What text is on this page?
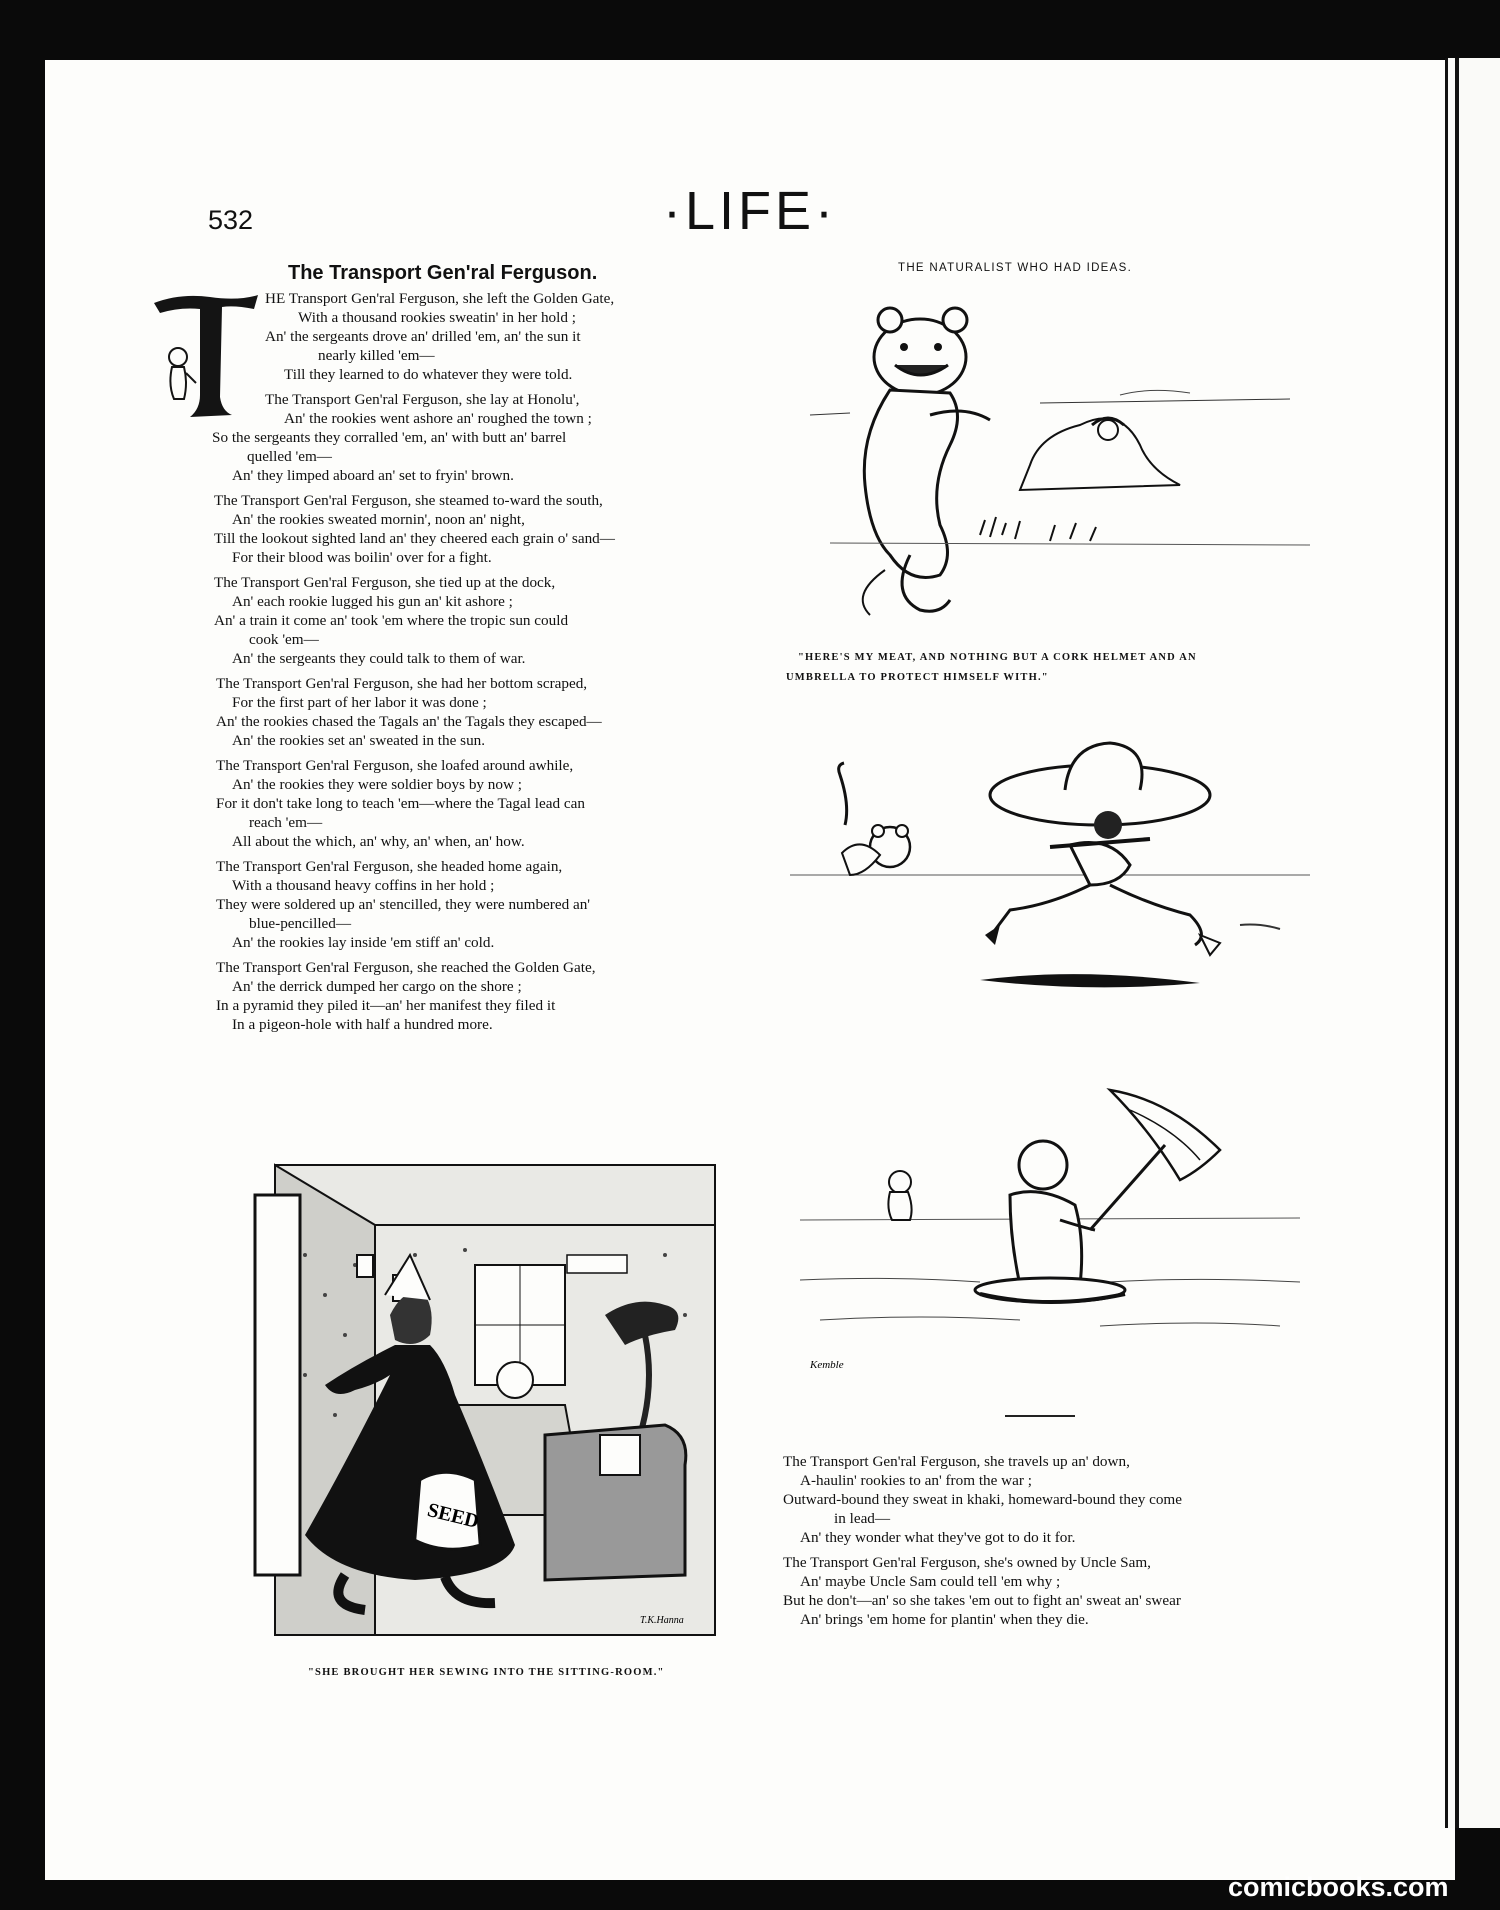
532	·LIFE·
The Transport Gen'ral Ferguson.
HE Transport Gen'ral Ferguson, she left the Golden Gate,
With a thousand rookies sweatin' in her hold ;
An' the sergeants drove an' drilled 'em, an' the sun it
nearly killed 'em—
Till they learned to do whatever they were told.
The Transport Gen'ral Ferguson, she lay at Honolu',
An' the rookies went ashore an' roughed the town ;
So the sergeants they corralled 'em, an' with butt an' barrel
quelled 'em—
An' they limped aboard an' set to fryin' brown.
The Transport Gen'ral Ferguson, she steamed to-ward the south,
An' the rookies sweated mornin', noon an' night,
Till the lookout sighted land an' they cheered each grain o' sand—
For their blood was boilin' over for a fight.
The Transport Gen'ral Ferguson, she tied up at the dock,
An' each rookie lugged his gun an' kit ashore ;
An' a train it come an' took 'em where the tropic sun could
cook 'em—
An' the sergeants they could talk to them of war.
The Transport Gen'ral Ferguson, she had her bottom scraped,
For the first part of her labor it was done ;
An' the rookies chased the Tagals an' the Tagals they escaped—
An' the rookies set an' sweated in the sun.
The Transport Gen'ral Ferguson, she loafed around awhile,
An' the rookies they were soldier boys by now ;
For it don't take long to teach 'em—where the Tagal lead can
reach 'em—
All about the which, an' why, an' when, an' how.
The Transport Gen'ral Ferguson, she headed home again,
With a thousand heavy coffins in her hold ;
They were soldered up an' stencilled, they were numbered an'
blue-pencilled—
An' the rookies lay inside 'em stiff an' cold.
The Transport Gen'ral Ferguson, she reached the Golden Gate,
An' the derrick dumped her cargo on the shore ;
In a pyramid they piled it—an' her manifest they filed it
In a pigeon-hole with half a hundred more.
The Transport Gen'ral Ferguson, she travels up an' down,
A-haulin' rookies to an' from the war ;
Outward-bound they sweat in khaki, homeward-bound they come
in lead—
An' they wonder what they've got to do it for.
The Transport Gen'ral Ferguson, she's owned by Uncle Sam,
An' maybe Uncle Sam could tell 'em why ;
But he don't—an' so she takes 'em out to fight an' sweat an' swear
An' brings 'em home for plantin' when they die.
THE NATURALIST WHO HAD IDEAS.
"HERE'S MY MEAT, AND NOTHING BUT A CORK HELMET AND AN
UMBRELLA TO PROTECT HIMSELF WITH."
Kemble
SEED
T.K.Hanna
"SHE BROUGHT HER SEWING INTO THE SITTING-ROOM."
comicbooks.com
